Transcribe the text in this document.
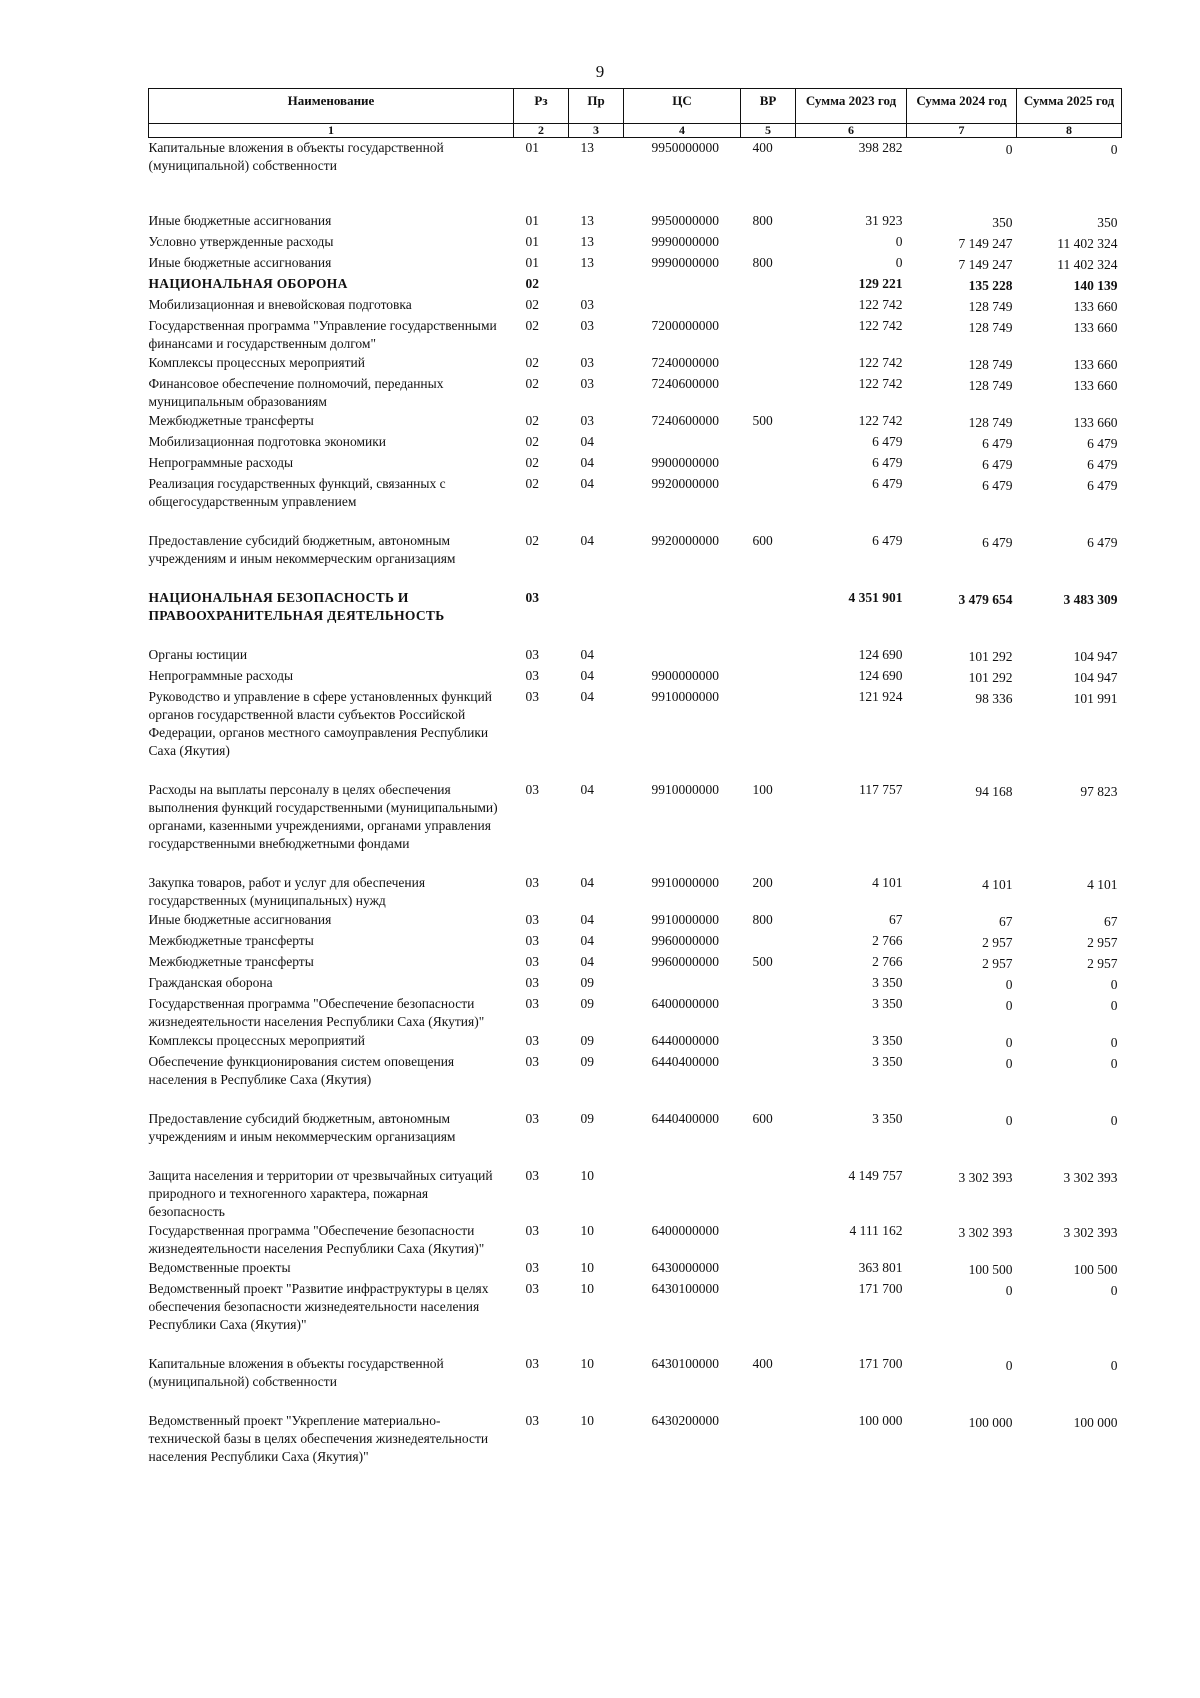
9
Наименование	Рз	Пр	ЦС	ВР	Сумма 2023 год	Сумма 2024 год	Сумма 2025 год
1	2	3	4	5	6	7	8
Капитальные вложения в объекты государственной (муниципальной) собственности	01	13	9950000000	400	398 282	0	0
Иные бюджетные ассигнования	01	13	9950000000	800	31 923	350	350
Условно утвержденные расходы	01	13	9990000000		0	7 149 247	11 402 324
Иные бюджетные ассигнования	01	13	9990000000	800	0	7 149 247	11 402 324
НАЦИОНАЛЬНАЯ ОБОРОНА	02				129 221	135 228	140 139
Мобилизационная и вневойсковая подготовка	02	03			122 742	128 749	133 660
Государственная программа "Управление государственными финансами и государственным долгом"	02	03	7200000000		122 742	128 749	133 660
Комплексы процессных мероприятий	02	03	7240000000		122 742	128 749	133 660
Финансовое обеспечение полномочий, переданных муниципальным образованиям	02	03	7240600000		122 742	128 749	133 660
Межбюджетные трансферты	02	03	7240600000	500	122 742	128 749	133 660
Мобилизационная подготовка экономики	02	04			6 479	6 479	6 479
Непрограммные расходы	02	04	9900000000		6 479	6 479	6 479
Реализация государственных функций, связанных с общегосударственным управлением	02	04	9920000000		6 479	6 479	6 479
Предоставление субсидий бюджетным, автономным учреждениям и иным некоммерческим организациям	02	04	9920000000	600	6 479	6 479	6 479
НАЦИОНАЛЬНАЯ БЕЗОПАСНОСТЬ И ПРАВООХРАНИТЕЛЬНАЯ ДЕЯТЕЛЬНОСТЬ	03				4 351 901	3 479 654	3 483 309
Органы юстиции	03	04			124 690	101 292	104 947
Непрограммные расходы	03	04	9900000000		124 690	101 292	104 947
Руководство и управление в сфере установленных функций органов государственной власти субъектов Российской Федерации, органов местного самоуправления Республики Саха (Якутия)	03	04	9910000000		121 924	98 336	101 991
Расходы на выплаты персоналу в целях обеспечения выполнения функций государственными (муниципальными) органами, казенными учреждениями, органами управления государственными внебюджетными фондами	03	04	9910000000	100	117 757	94 168	97 823
Закупка товаров, работ и услуг для обеспечения государственных (муниципальных) нужд	03	04	9910000000	200	4 101	4 101	4 101
Иные бюджетные ассигнования	03	04	9910000000	800	67	67	67
Межбюджетные трансферты	03	04	9960000000		2 766	2 957	2 957
Межбюджетные трансферты	03	04	9960000000	500	2 766	2 957	2 957
Гражданская оборона	03	09			3 350	0	0
Государственная программа "Обеспечение безопасности жизнедеятельности населения Республики Саха (Якутия)"	03	09	6400000000		3 350	0	0
Комплексы процессных мероприятий	03	09	6440000000		3 350	0	0
Обеспечение функционирования систем оповещения населения в Республике Саха (Якутия)	03	09	6440400000		3 350	0	0
Предоставление субсидий бюджетным, автономным учреждениям и иным некоммерческим организациям	03	09	6440400000	600	3 350	0	0
Защита населения и территории от чрезвычайных ситуаций природного и техногенного характера, пожарная безопасность	03	10			4 149 757	3 302 393	3 302 393
Государственная программа "Обеспечение безопасности жизнедеятельности населения Республики Саха (Якутия)"	03	10	6400000000		4 111 162	3 302 393	3 302 393
Ведомственные проекты	03	10	6430000000		363 801	100 500	100 500
Ведомственный проект "Развитие инфраструктуры в целях обеспечения безопасности жизнедеятельности населения Республики Саха (Якутия)"	03	10	6430100000		171 700	0	0
Капитальные вложения в объекты государственной (муниципальной) собственности	03	10	6430100000	400	171 700	0	0
Ведомственный проект "Укрепление материально-технической базы в целях обеспечения жизнедеятельности населения Республики Саха (Якутия)"	03	10	6430200000		100 000	100 000	100 000
